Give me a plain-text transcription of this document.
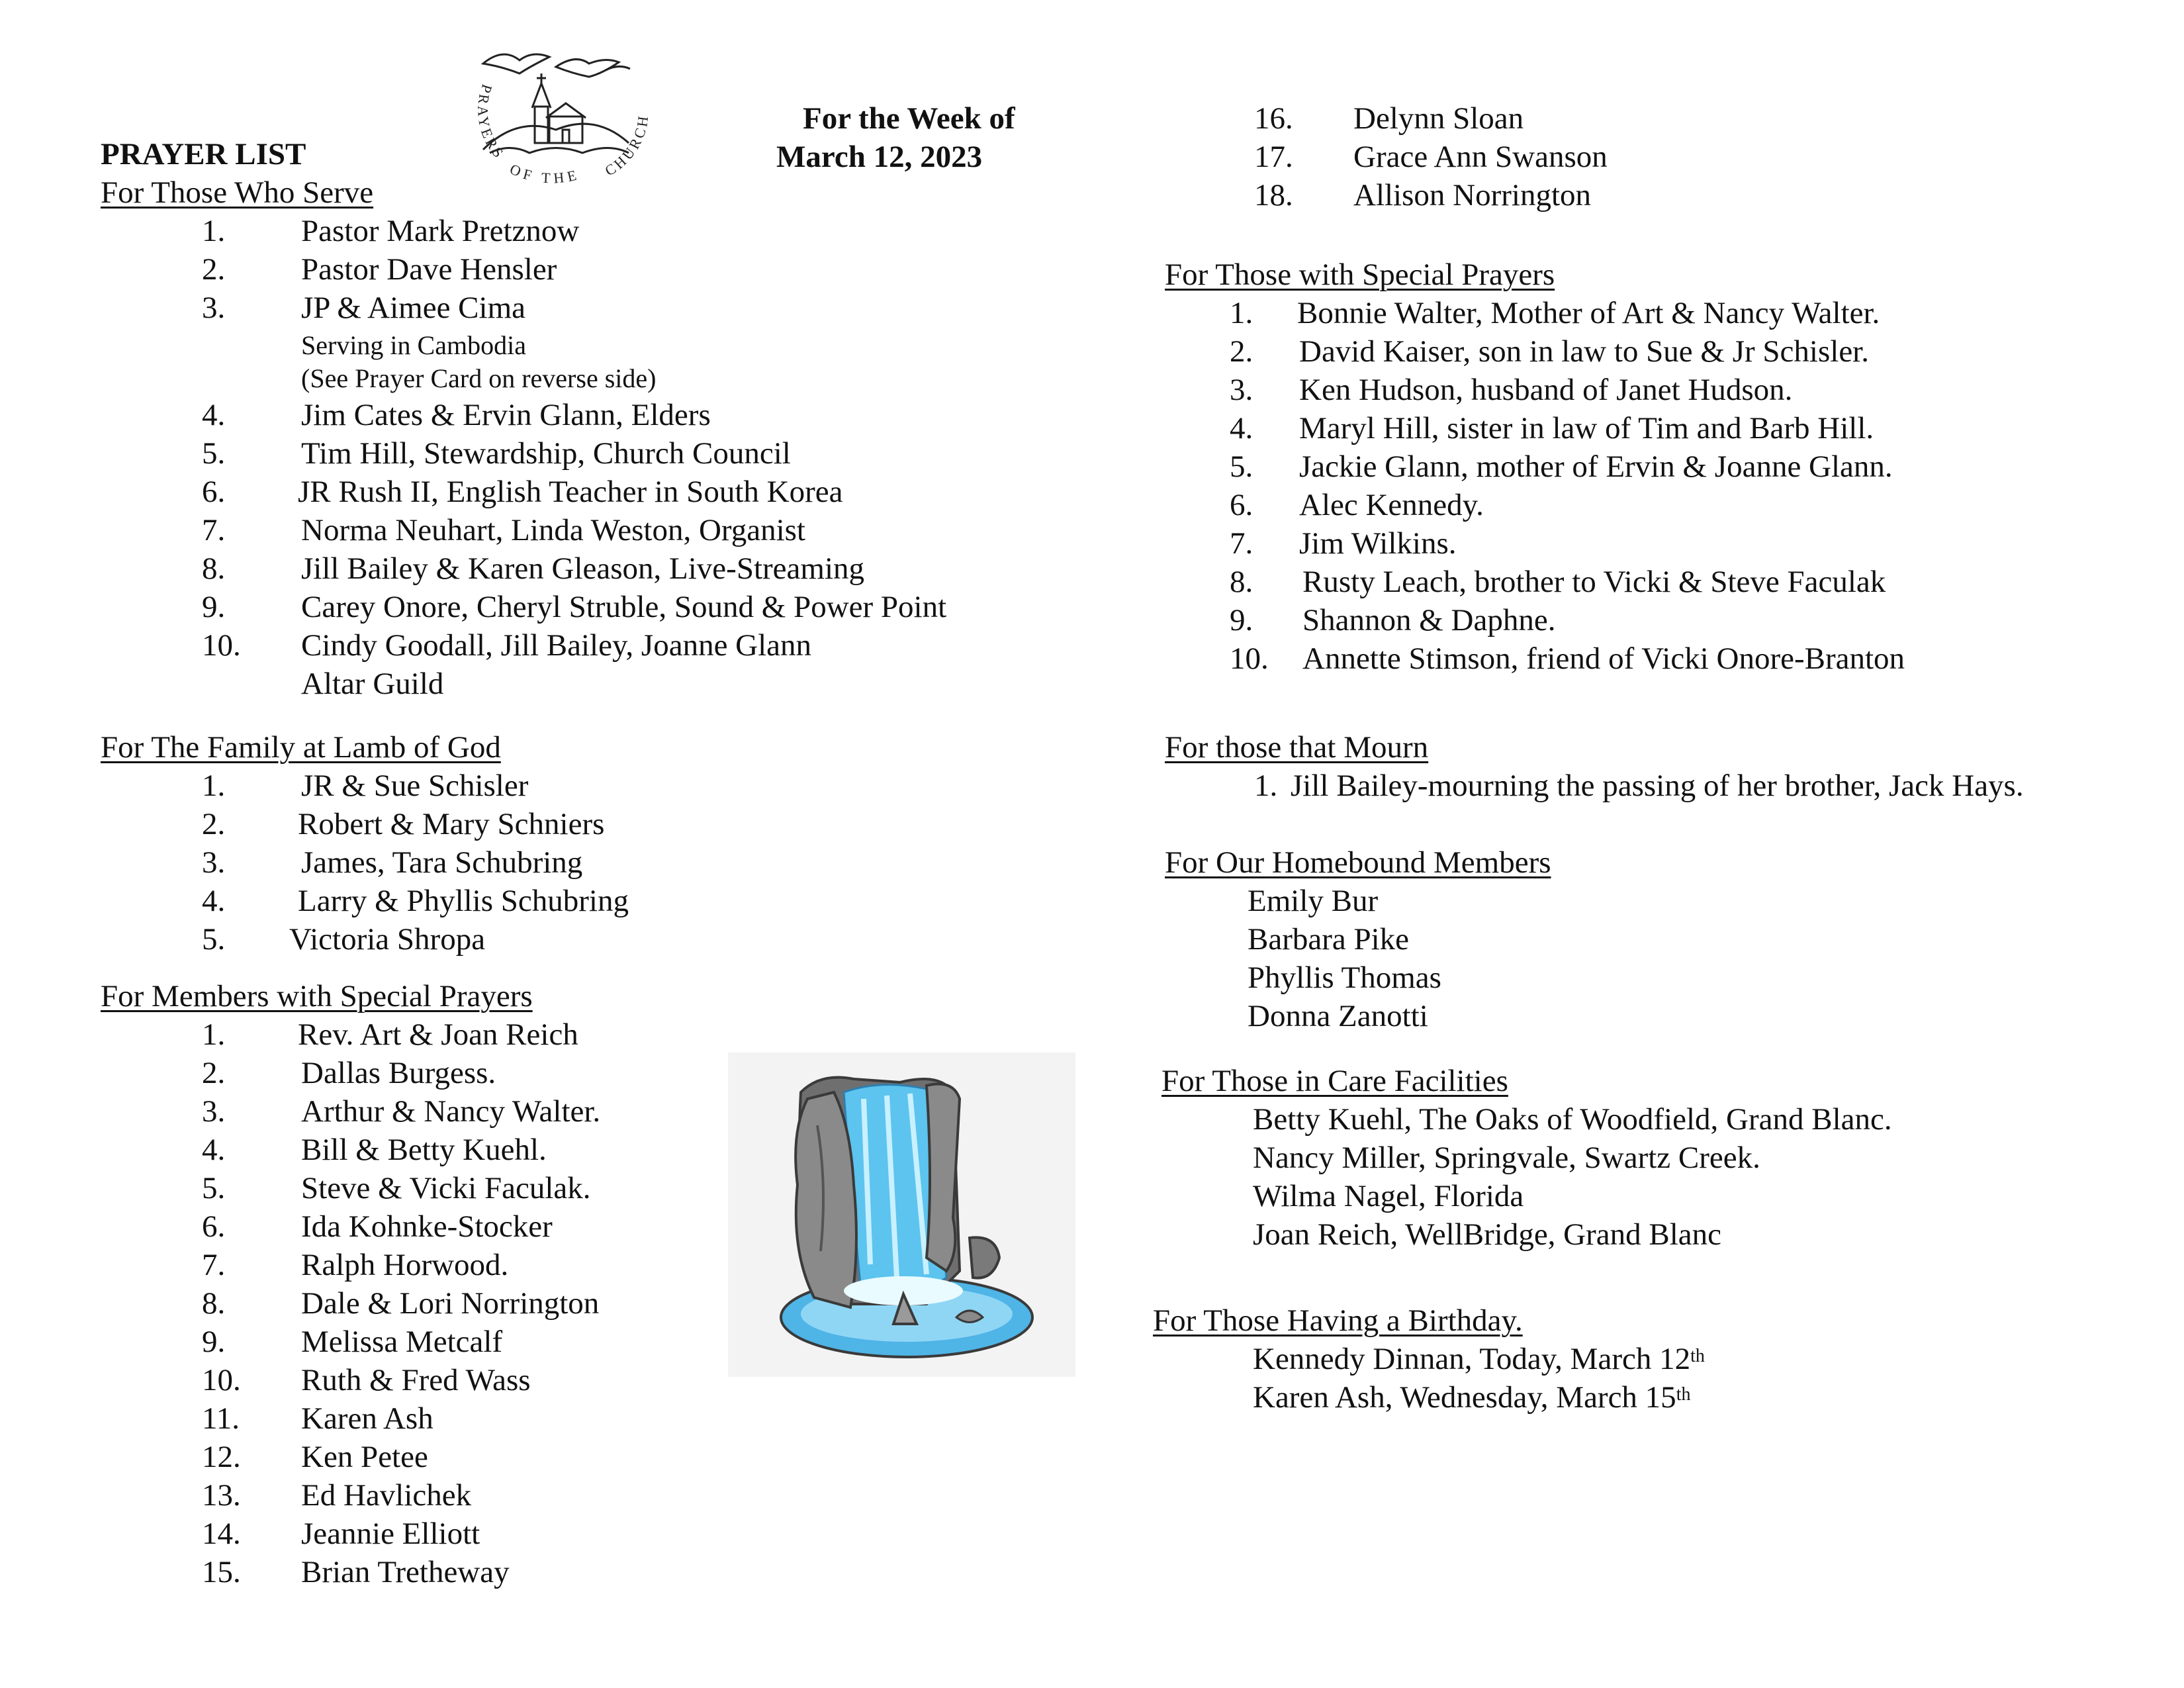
PRAYER LIST
For the Week of
March 12, 2023
PRAYERS
OF THE CHURCH
For Those Who Serve
1. Pastor Mark Pretznow
2. Pastor Dave Hensler
3. JP & Aimee Cima
Serving in Cambodia
(See Prayer Card on reverse side)
4. Jim Cates & Ervin Glann, Elders
5. Tim Hill, Stewardship, Church Council
6. JR Rush II, English Teacher in South Korea
7. Norma Neuhart, Linda Weston, Organist
8. Jill Bailey & Karen Gleason, Live-Streaming
9. Carey Onore, Cheryl Struble, Sound & Power Point
10. Cindy Goodall, Jill Bailey, Joanne Glann
Altar Guild
For The Family at Lamb of God
1. JR & Sue Schisler
2. Robert & Mary Schniers
3. James, Tara Schubring
4. Larry & Phyllis Schubring
5. Victoria Shropa
For Members with Special Prayers
1. Rev. Art & Joan Reich
2. Dallas Burgess.
3. Arthur & Nancy Walter.
4. Bill & Betty Kuehl.
5. Steve & Vicki Faculak.
6. Ida Kohnke-Stocker
7. Ralph Horwood.
8. Dale & Lori Norrington
9. Melissa Metcalf
10. Ruth & Fred Wass
11. Karen Ash
12. Ken Petee
13. Ed Havlichek
14. Jeannie Elliott
15. Brian Tretheway
16. Delynn Sloan
17. Grace Ann Swanson
18. Allison Norrington
For Those with Special Prayers
1. Bonnie Walter, Mother of Art & Nancy Walter.
2. David Kaiser, son in law to Sue & Jr Schisler.
3. Ken Hudson, husband of Janet Hudson.
4. Maryl Hill, sister in law of Tim and Barb Hill.
5. Jackie Glann, mother of Ervin & Joanne Glann.
6. Alec Kennedy.
7. Jim Wilkins.
8. Rusty Leach, brother to Vicki & Steve Faculak
9. Shannon & Daphne.
10. Annette Stimson, friend of Vicki Onore-Branton
For those that Mourn
1. Jill Bailey-mourning the passing of her brother, Jack Hays.
For Our Homebound Members
Emily Bur
Barbara Pike
Phyllis Thomas
Donna Zanotti
For Those in Care Facilities
Betty Kuehl, The Oaks of Woodfield, Grand Blanc.
Nancy Miller, Springvale, Swartz Creek.
Wilma Nagel, Florida
Joan Reich, WellBridge, Grand Blanc
For Those Having a Birthday.
Kennedy Dinnan, Today, March 12th
Karen Ash, Wednesday, March 15th
